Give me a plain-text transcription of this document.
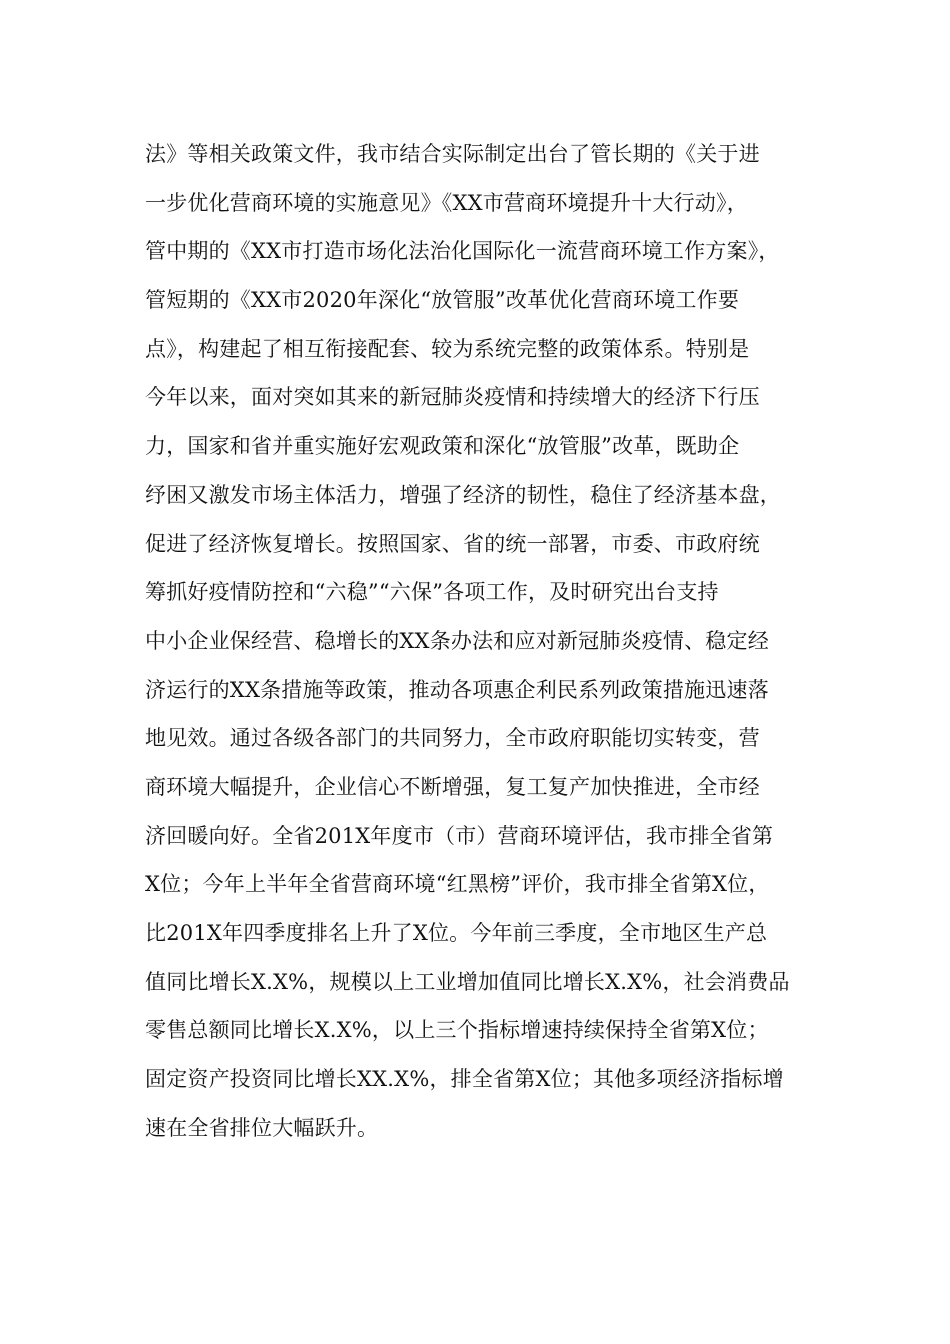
法》等相关政策文件，我市结合实际制定出台了管长期的《关于进
一步优化营商环境的实施意见》《XX市营商环境提升十大行动》，
管中期的《XX市打造市场化法治化国际化一流营商环境工作方案》，
管短期的《XX市2020年深化“放管服”改革优化营商环境工作要
点》，构建起了相互衔接配套、较为系统完整的政策体系。特别是
今年以来，面对突如其来的新冠肺炎疫情和持续增大的经济下行压
力，国家和省并重实施好宏观政策和深化“放管服”改革，既助企
纾困又激发市场主体活力，增强了经济的韧性，稳住了经济基本盘，
促进了经济恢复增长。按照国家、省的统一部署，市委、市政府统
筹抓好疫情防控和“六稳”“六保”各项工作，及时研究出台支持
中小企业保经营、稳增长的XX条办法和应对新冠肺炎疫情、稳定经
济运行的XX条措施等政策，推动各项惠企利民系列政策措施迅速落
地见效。通过各级各部门的共同努力，全市政府职能切实转变，营
商环境大幅提升，企业信心不断增强，复工复产加快推进，全市经
济回暖向好。全省201X年度市（市）营商环境评估，我市排全省第
X位；今年上半年全省营商环境“红黑榜”评价，我市排全省第X位，
比201X年四季度排名上升了X位。今年前三季度，全市地区生产总
值同比增长X.X%，规模以上工业增加值同比增长X.X%，社会消费品
零售总额同比增长X.X%，以上三个指标增速持续保持全省第X位；
固定资产投资同比增长XX.X%，排全省第X位；其他多项经济指标增
速在全省排位大幅跃升。
